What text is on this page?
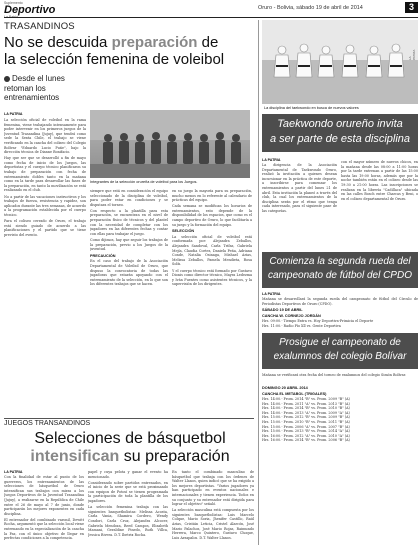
Suplemento
Deportivo	Oruro - Bolivia, sábado 19 de abril de 2014	3
TRASANDINOS
No se descuida preparación de
la selección femenina de voleibol
Desde el lunes retoman los entrenamientos
LA PATRIA

La selección oficial de voleibol en la rama femenina, viene trabajando intensamente para poder intervenir en los primeros juegos de la Juventud Trasandina (Jujuy), que tendrá como sede la Sexta Chile, el trabajo se viene verificando en la cancha del coliseo del Colegio Bolívar "Eduardo Lucio Puñe", bajo la dirección técnica de Dianne Bonifacio.

Hay que ser que se desarrolló a fin de mayo como fecha de inicio de los Juegos, las deportistas y el cuerpo técnico planificaron su trabajo de preparación con fecha de entrenamiento dobles tanto en la mañana como en la tarde para desarrollar las fases de la preparación, en tanto la movilización se está realizando en el club.

No a partir de las vacaciones instructivos y los trabajos de fuerza, resistencia y rapidez, son aplicados durante las tres semanas, de acuerdo a la programación establecida por el cuerpo técnico.

Para el coliseo cerrado de Oruro, el trabajo está siendo guiado de acuerdo a las planificaciones y el partido que se tiene previsto del evento.

Integrantes de la selección orureña de voleibol para los Juegos.

siempre que está en consideración el equipo seleccionado de la disciplina de voleibol, para poder estar en condiciones y se disputara el torneo.

Con respecto a la plantilla para esta preparación, se encuentran en el nivel de preparación físico de técnicos y del plantel con la necesidad de completar con los jugadores en las diferentes fechas y contar con ellas para trabajar el juego.

Como dijimos, hay que seguir los trabajos de la preparación, previo a los Juegos de la juventud.

PRECAUCIÓN

En el caso del trabajo de la Asociación Departamental de Voleibol de Oruro, que dispuso la convocatoria de todas las jugadoras que estarán apoyando con el entrenamiento de la selección, en lo que son los diferentes trabajos que se hacen.

en su juego la mayoría para su preparación, mucho menos en lo referente al calendario de prácticas del equipo.

Cada semana se modifican los horarios de entrenamientos, esto depende de la disponibilidad de los espacios, que como es el campo deportivo de Oruro, lo que facilitaría a su juego y la formación del equipo.

SELECCIÓN

La selección oficial de voleibol está conformada por: Alejandra Zeballos, Alejandra Sandoval, Carla Trifas, Gabriela Mejía, Claudia Cortez, Daniela Peña, Adriana Conde, Natalia Osinaga, Mishael Arias, Melissa Zeballos, Pamela Mendieta, Rosa Solís.

Y el cuerpo técnico está formado por Gustavo Dionis como director técnico, Mayra Ledezma y Iván Fuentes como asistentes técnicos, y la supervisión de los dirigentes.

La disciplina del taekwondo en busca de nuevos valores
LA PATRIA
Taekwondo orureño invita
a ser parte de esta disciplina
LA PATRIA
La dirigencia de la Asociación Departamental de Taekwondo Oruro, realizó la invitación a quienes desean incursionar en la práctica de este deporte, a inscribirse para comenzar los entrenamientos a partir del lunes 21 de abril. Esta invitación la planeó a través del club, la cual los entrenamientos de la disciplina serán por el ritmo que tenga cada interesado, para el siguiente pase de las categorías.
con el mayor número de nuevos chicos, en la mañana desde las 08:00 a 11:00 horas por la tarde entrenan a partir de las 15:00 hasta las 19:00 horas, además que por la noche también están en el coliseo desde las 19:30 a 21:00 horas. Las inscripciones se realizan en la librería "Cadillaca" ubicada en las calles Bosch entre Charcas y Beni, o en el coliseo departamental de Oruro.
Comienza la segunda rueda del
campeonato de fútbol del CPDO
LA PATRIA
Mañana se desarrollará la segunda rueda del campeonato de fútbol del Círculo de Periodistas Deportivos de Oruro (CPDO).
SÁBADO 19 DE ABRIL
CANCHA W. CORNEJO JORDÁN
Hrs. 09:00.- Tiempo Extra vs. Hoy Deportiva-Primicia el Deporte
Hrs. 11:00.- Radio Pío Xll vs. Gente Deportiva
Prosigue el campeonato de
exalumnos del colegio Bolívar
Mañana se verificará otra fecha del torneo de exalumnos del colegio Simón Bolívar.
DOMINGO 20 ABRIL 2014
CANCHA EL METABOL (TRIGALES)
Hrs. 14:00.- Prom. 2014 "B" vs. Prom. 2009 "B" (A)
Hrs. 14:00.- Prom. 2011 "A" vs. Prom. 2013 "B" (A)
Hrs. 14:00.- Prom. 2014 "B" vs. Prom. 2010 "B" (A)
Hrs. 14:00.- Prom. 2013 "A" vs. Prom. 2009 "A" (A)
Hrs. 15:00.- Prom. 2012 "B" vs. Prom. 2009 "B" (A)
Hrs. 15:00.- Prom. 2010 "B" vs. Prom. 2011 "B" (A)
Hrs. 15:00.- Prom. 2006 "A" vs. Prom. 2007 "B" (A)
Hrs. 15:00.- Prom. 2013 "B" vs. Prom. 2014 "A" (A)
Hrs. 16:00.- Prom. 2012 "A" vs. Prom. 2010 "A" (A)
Hrs. 16:00.- Prom. 2014 "B" vs. Prom. 2006 "B" (A)
JUEGOS TRANSANDINOS
Selecciones de básquetbol
intensifican su preparación
LA PATRIA

Con la finalidad de estar al punto de los guerreros, los entrenamientos de las selecciones de básquetbol de Oruro intensifican sus trabajos con miras a los Juegos Deportivos de la Juventud Trasandina (Jujuy), a realizarse en la República de Chile entre el 26 de mayo al 7 de junio, donde participarán los mejores exponentes en cada disciplina.

El entrenador del combinado varonil, Dewitt Rocha, argumentó que la selección local viene entrenando en la especialización de la cancha la Paz, con el único objetivo de llegar en perfectas condiciones a la competencia.

papel y cuya pelota y ganar el evento ha mencionado.

Considerando sobre partidos entrenados, en el inicio de la serie que se está proximando con equipos de Potosí se tienen programada la participación de toda la plantilla de los jugadores.

La selección femenina trabaja con las siguientes basquetbolistas: Melissa Acosta, Carla Vania, Shamira Cordero, Wendy Condori, Carla Cruz, Alejandra Alcocer, Gabriela Mendoza, Reed Campos, Elizabeth Mamani, Geraldine Pinedo, Ruth Villca, Jessica Rivera. D.T. Ibetrix Rocha.

En tanto el combinado masculino de básquetbol que trabaja con los órdenes de Walter Llanos, quien indicó que se ha exigido a los mejores deportistas. "Varios jugadores ya han participado en eventos nacionales e internacionales y tienen experiencia. Todos en su conjunto y su entrenador está dirigida para lograr el objetivo" señaló.

La selección masculina está compuesta por los siguientes basquetbolistas: Luis Marcelo Colque, Mario Soria, Jhenifer Castillo, Raúl Arias, Cristián Leticia, Cristel Alarcón, José Mario Palachos, José Mario Rojas, Raimundo Herrera, Marco Quintero, Gustavo Choque, Luis Arzapalos. D.T. Walter Llanos.
